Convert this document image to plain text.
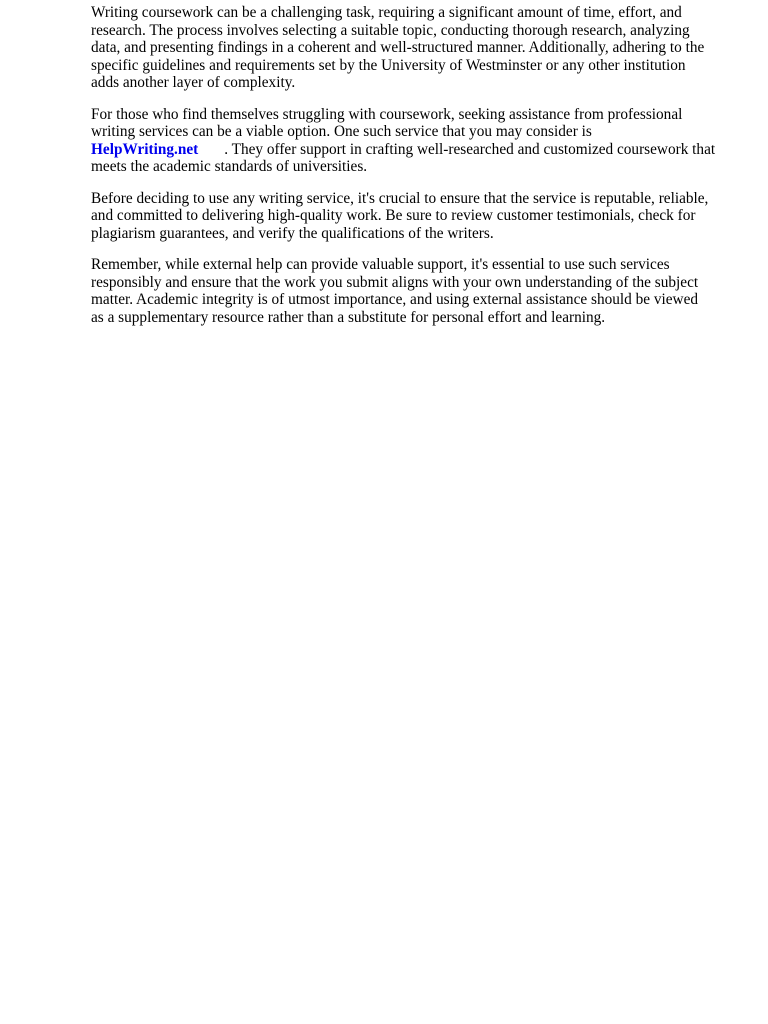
Writing coursework can be a challenging task, requiring a significant amount of time, effort, and
research. The process involves selecting a suitable topic, conducting thorough research, analyzing
data, and presenting findings in a coherent and well-structured manner. Additionally, adhering to the
specific guidelines and requirements set by the University of Westminster or any other institution
adds another layer of complexity.

For those who find themselves struggling with coursework, seeking assistance from professional
writing services can be a viable option. One such service that you may consider is
HelpWriting.net . They offer support in crafting well-researched and customized coursework that
meets the academic standards of universities.

Before deciding to use any writing service, it's crucial to ensure that the service is reputable, reliable,
and committed to delivering high-quality work. Be sure to review customer testimonials, check for
plagiarism guarantees, and verify the qualifications of the writers.

Remember, while external help can provide valuable support, it's essential to use such services
responsibly and ensure that the work you submit aligns with your own understanding of the subject
matter. Academic integrity is of utmost importance, and using external assistance should be viewed
as a supplementary resource rather than a substitute for personal effort and learning.
